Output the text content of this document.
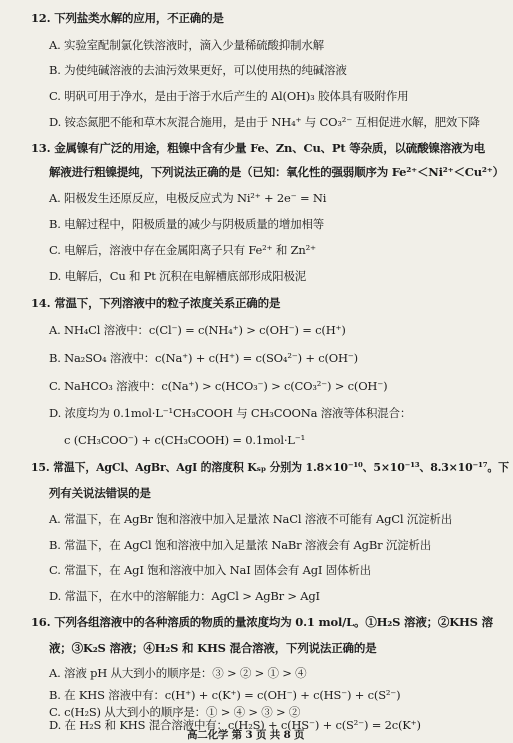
12. 下列盐类水解的应用，不正确的是
A. 实验室配制氯化铁溶液时，滴入少量稀硫酸抑制水解
B. 为使纯碱溶液的去油污效果更好，可以使用热的纯碱溶液
C. 明矾可用于净水，是由于溶于水后产生的 Al(OH)₃ 胶体具有吸附作用
D. 铵态氮肥不能和草木灰混合施用，是由于 NH₄⁺ 与 CO₃²⁻ 互相促进水解，肥效下降
13. 金属镍有广泛的用途，粗镍中含有少量 Fe、Zn、Cu、Pt 等杂质，以硫酸镍溶液为电
解液进行粗镍提纯，下列说法正确的是（已知：氧化性的强弱顺序为 Fe²⁺＜Ni²⁺＜Cu²⁺）
A. 阳极发生还原反应，电极反应式为 Ni²⁺ + 2e⁻ = Ni
B. 电解过程中，阳极质量的减少与阴极质量的增加相等
C. 电解后，溶液中存在金属阳离子只有 Fe²⁺ 和 Zn²⁺
D. 电解后，Cu 和 Pt 沉积在电解槽底部形成阳极泥
14. 常温下，下列溶液中的粒子浓度关系正确的是
A. NH₄Cl 溶液中：c(Cl⁻) = c(NH₄⁺) > c(OH⁻) = c(H⁺)
B. Na₂SO₄ 溶液中：c(Na⁺) + c(H⁺) = c(SO₄²⁻) + c(OH⁻)
C. NaHCO₃ 溶液中：c(Na⁺) > c(HCO₃⁻) > c(CO₃²⁻) > c(OH⁻)
D. 浓度均为 0.1mol·L⁻¹CH₃COOH 与 CH₃COONa 溶液等体积混合：
c (CH₃COO⁻) + c(CH₃COOH) = 0.1mol·L⁻¹
15. 常温下，AgCl、AgBr、AgI 的溶度积 Kₛₚ 分别为 1.8×10⁻¹⁰、5×10⁻¹³、8.3×10⁻¹⁷。下
列有关说法错误的是
A. 常温下，在 AgBr 饱和溶液中加入足量浓 NaCl 溶液不可能有 AgCl 沉淀析出
B. 常温下，在 AgCl 饱和溶液中加入足量浓 NaBr 溶液会有 AgBr 沉淀析出
C. 常温下，在 AgI 饱和溶液中加入 NaI 固体会有 AgI 固体析出
D. 常温下，在水中的溶解能力：AgCl > AgBr > AgI
16. 下列各组溶液中的各种溶质的物质的量浓度均为 0.1 mol/L。①H₂S 溶液；②KHS 溶
液；③K₂S 溶液；④H₂S 和 KHS 混合溶液，下列说法正确的是
A. 溶液 pH 从大到小的顺序是：③ > ② > ① > ④
B. 在 KHS 溶液中有：c(H⁺) + c(K⁺) = c(OH⁻) + c(HS⁻) + c(S²⁻)
C. c(H₂S) 从大到小的顺序是：① > ④ > ③ > ②
D. 在 H₂S 和 KHS 混合溶液中有：c(H₂S) + c(HS⁻) + c(S²⁻) = 2c(K⁺)
高二化学 第 3 页 共 8 页
